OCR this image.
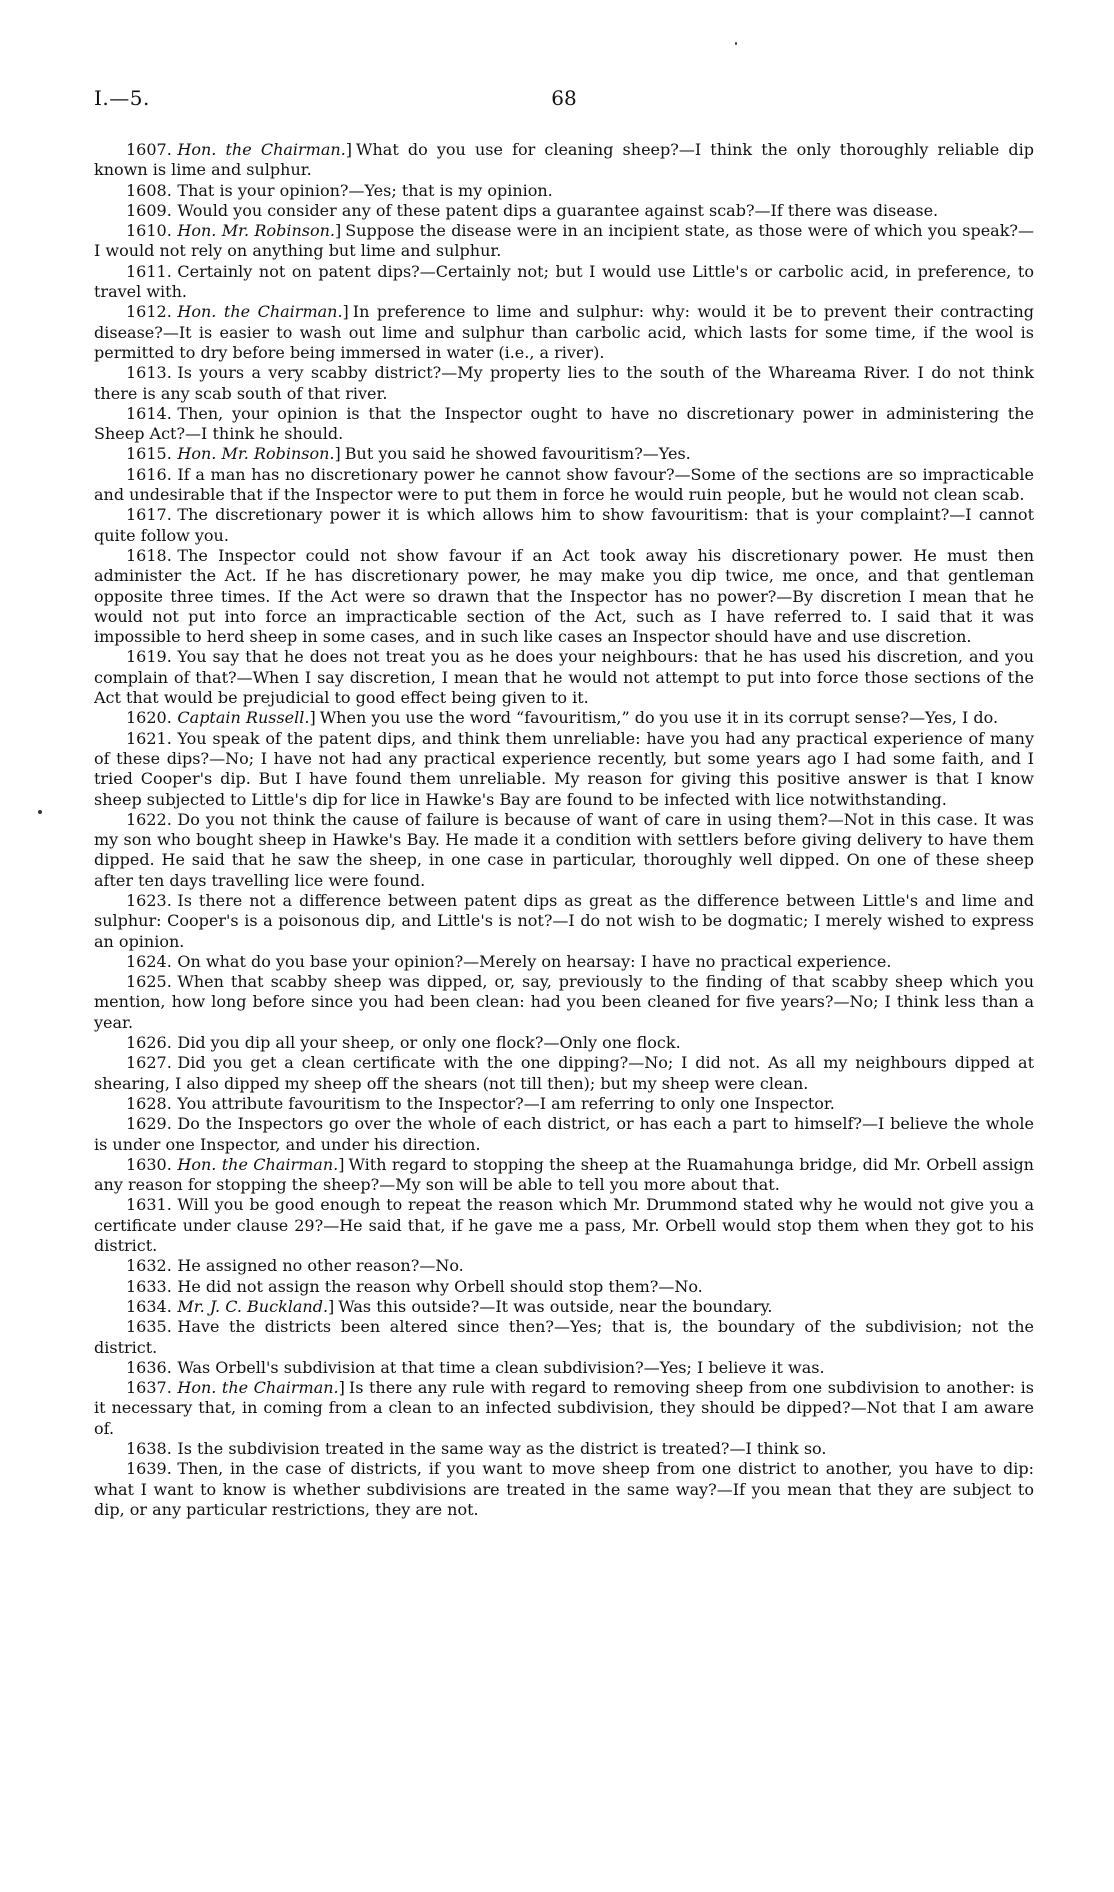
I.—5.	68

1607. Hon. the Chairman.] What do you use for cleaning sheep?—I think the only thoroughly reliable dip known is lime and sulphur.

1608. That is your opinion?—Yes; that is my opinion.

1609. Would you consider any of these patent dips a guarantee against scab?—If there was disease.

1610. Hon. Mr. Robinson.] Suppose the disease were in an incipient state, as those were of which you speak?—I would not rely on anything but lime and sulphur.

1611. Certainly not on patent dips?—Certainly not; but I would use Little's or carbolic acid, in preference, to travel with.

1612. Hon. the Chairman.] In preference to lime and sulphur: why: would it be to prevent their contracting disease?—It is easier to wash out lime and sulphur than carbolic acid, which lasts for some time, if the wool is permitted to dry before being immersed in water (i.e., a river).

1613. Is yours a very scabby district?—My property lies to the south of the Whareama River. I do not think there is any scab south of that river.

1614. Then, your opinion is that the Inspector ought to have no discretionary power in administering the Sheep Act?—I think he should.

1615. Hon. Mr. Robinson.] But you said he showed favouritism?—Yes.

1616. If a man has no discretionary power he cannot show favour?—Some of the sections are so impracticable and undesirable that if the Inspector were to put them in force he would ruin people, but he would not clean scab.

1617. The discretionary power it is which allows him to show favouritism: that is your complaint?—I cannot quite follow you.

1618. The Inspector could not show favour if an Act took away his discretionary power. He must then administer the Act. If he has discretionary power, he may make you dip twice, me once, and that gentleman opposite three times. If the Act were so drawn that the Inspector has no power?—By discretion I mean that he would not put into force an impracticable section of the Act, such as I have referred to. I said that it was impossible to herd sheep in some cases, and in such like cases an Inspector should have and use discretion.

1619. You say that he does not treat you as he does your neighbours: that he has used his discretion, and you complain of that?—When I say discretion, I mean that he would not attempt to put into force those sections of the Act that would be prejudicial to good effect being given to it.

1620. Captain Russell.] When you use the word “favouritism,” do you use it in its corrupt sense?—Yes, I do.

1621. You speak of the patent dips, and think them unreliable: have you had any practical experience of many of these dips?—No; I have not had any practical experience recently, but some years ago I had some faith, and I tried Cooper's dip. But I have found them unreliable. My reason for giving this positive answer is that I know sheep subjected to Little's dip for lice in Hawke's Bay are found to be infected with lice notwithstanding.

1622. Do you not think the cause of failure is because of want of care in using them?—Not in this case. It was my son who bought sheep in Hawke's Bay. He made it a condition with settlers before giving delivery to have them dipped. He said that he saw the sheep, in one case in particular, thoroughly well dipped. On one of these sheep after ten days travelling lice were found.

1623. Is there not a difference between patent dips as great as the difference between Little's and lime and sulphur: Cooper's is a poisonous dip, and Little's is not?—I do not wish to be dogmatic; I merely wished to express an opinion.

1624. On what do you base your opinion?—Merely on hearsay: I have no practical experience.

1625. When that scabby sheep was dipped, or, say, previously to the finding of that scabby sheep which you mention, how long before since you had been clean: had you been cleaned for five years?—No; I think less than a year.

1626. Did you dip all your sheep, or only one flock?—Only one flock.

1627. Did you get a clean certificate with the one dipping?—No; I did not. As all my neighbours dipped at shearing, I also dipped my sheep off the shears (not till then); but my sheep were clean.

1628. You attribute favouritism to the Inspector?—I am referring to only one Inspector.

1629. Do the Inspectors go over the whole of each district, or has each a part to himself?—I believe the whole is under one Inspector, and under his direction.

1630. Hon. the Chairman.] With regard to stopping the sheep at the Ruamahunga bridge, did Mr. Orbell assign any reason for stopping the sheep?—My son will be able to tell you more about that.

1631. Will you be good enough to repeat the reason which Mr. Drummond stated why he would not give you a certificate under clause 29?—He said that, if he gave me a pass, Mr. Orbell would stop them when they got to his district.

1632. He assigned no other reason?—No.

1633. He did not assign the reason why Orbell should stop them?—No.

1634. Mr. J. C. Buckland.] Was this outside?—It was outside, near the boundary.

1635. Have the districts been altered since then?—Yes; that is, the boundary of the subdivision; not the district.

1636. Was Orbell's subdivision at that time a clean subdivision?—Yes; I believe it was.

1637. Hon. the Chairman.] Is there any rule with regard to removing sheep from one subdivision to another: is it necessary that, in coming from a clean to an infected subdivision, they should be dipped?—Not that I am aware of.

1638. Is the subdivision treated in the same way as the district is treated?—I think so.

1639. Then, in the case of districts, if you want to move sheep from one district to another, you have to dip: what I want to know is whether subdivisions are treated in the same way?—If you mean that they are subject to dip, or any particular restrictions, they are not.
